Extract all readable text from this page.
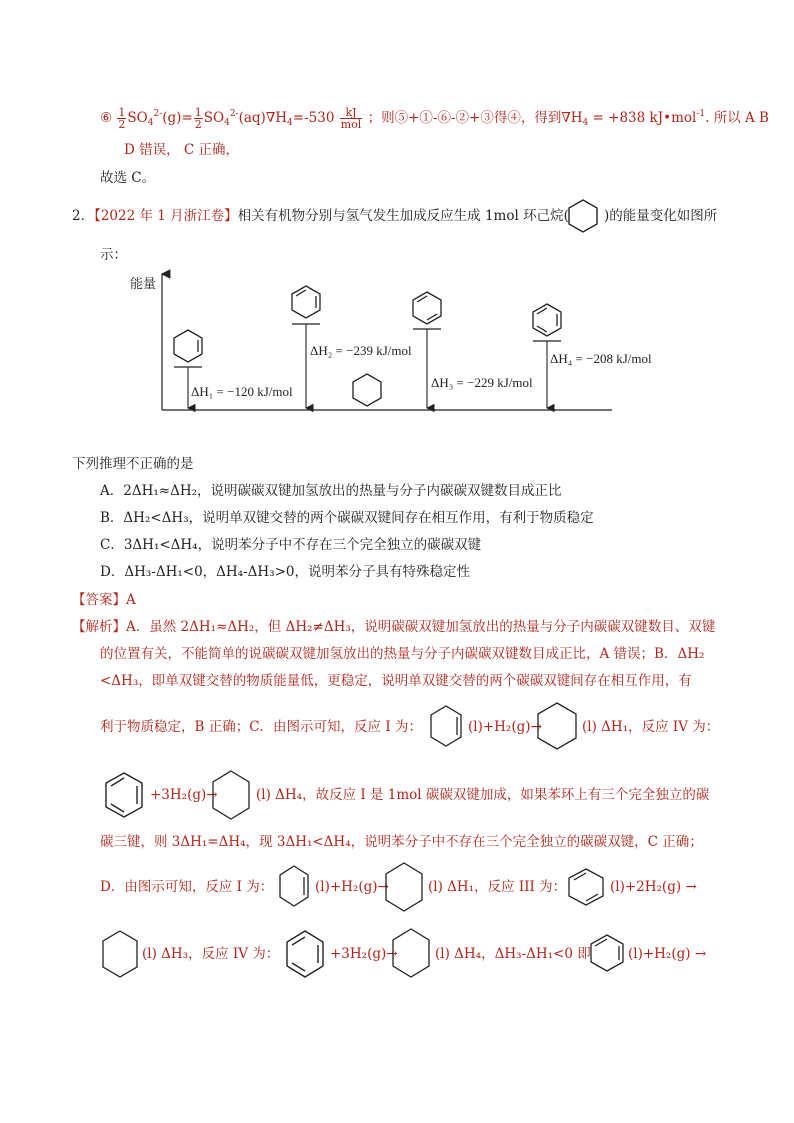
⑥ $\frac{1}{2} SO_4^{2-}(g)= \frac{1}{2} SO_4^{2-}(aq)\nabla H_4=-530 \frac{kJ}{\text{mol}}$ ；则⑤+①-⑥-②+③得④，得到$\nabla H_4 = +838$ kJ•mol$^{-1}$. 所以 A B
D 错误， C 正确，
故选 C。
2．【2022 年 1 月浙江卷】相关有机物分别与氢气发生加成反应生成 1mol 环己烷(	)的能量变化如图所
示：
能量
ΔH₁ = −120 kJ/mol
ΔH₂ = −239 kJ/mol
ΔH₃ = −229 kJ/mol
ΔH₄ = −208 kJ/mol
下列推理不正确的是
A．2ΔH₁≈ΔH₂，说明碳碳双键加氢放出的热量与分子内碳碳双键数目成正比
B．ΔH₂<ΔH₃，说明单双键交替的两个碳碳双键间存在相互作用，有利于物质稳定
C．3ΔH₁<ΔH₄，说明苯分子中不存在三个完全独立的碳碳双键
D．ΔH₃-ΔH₁<0，ΔH₄-ΔH₃>0，说明苯分子具有特殊稳定性
【答案】A
【解析】A．虽然 2ΔH₁≈ΔH₂，但 ΔH₂≠ΔH₃，说明碳碳双键加氢放出的热量与分子内碳碳双键数目、双键
的位置有关，不能简单的说碳碳双键加氢放出的热量与分子内碳碳双键数目成正比，A 错误；B．ΔH₂
<ΔH₃，即单双键交替的物质能量低，更稳定，说明单双键交替的两个碳碳双键间存在相互作用，有
利于物质稳定，B 正确；C．由图示可知，反应 I 为：	(l)+H₂(g)→	(l) ΔH₁，反应 IV 为：
+3H₂(g)→	(l) ΔH₄，故反应 I 是 1mol 碳碳双键加成，如果苯环上有三个完全独立的碳
碳三键，则 3ΔH₁=ΔH₄，现 3ΔH₁<ΔH₄，说明苯分子中不存在三个完全独立的碳碳双键，C 正确；
D．由图示可知，反应 I 为：	(l)+H₂(g)→	(l) ΔH₁，反应 III 为：	(l)+2H₂(g) →
(l) ΔH₃，反应 IV 为：	+3H₂(g)→	(l) ΔH₄，ΔH₃-ΔH₁<0 即	(l)+H₂(g) →
